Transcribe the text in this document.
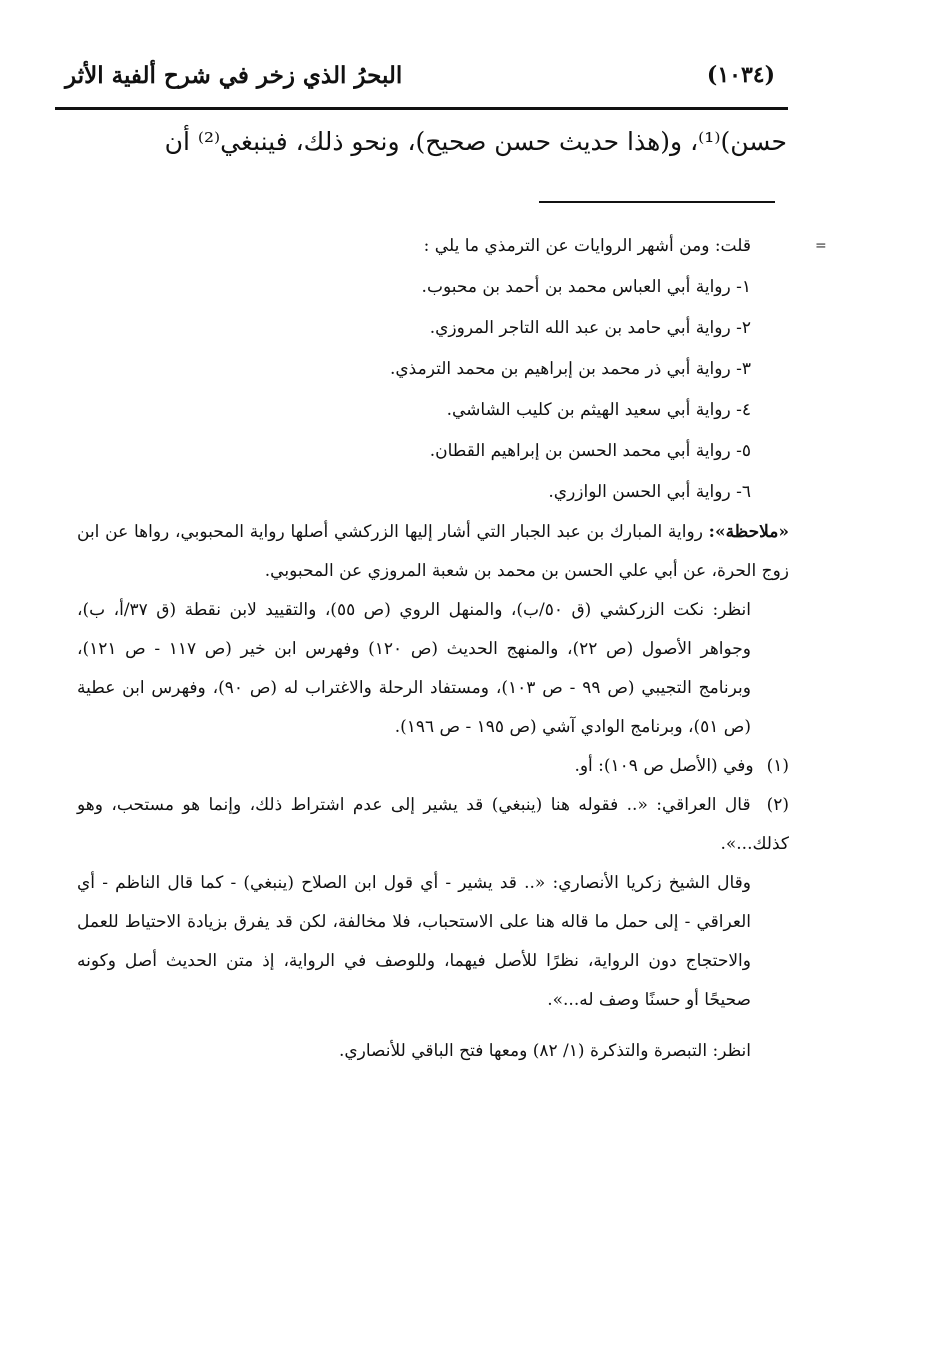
(١٠٣٤)
البحرُ الذي زخر في شرح ألفية الأثر
حسن)⁽¹⁾، و(هذا حديث حسن صحيح)، ونحو ذلك، فينبغي⁽²⁾ أن
=
قلت: ومن أشهر الروايات عن الترمذي ما يلي :
١- رواية أبي العباس محمد بن أحمد بن محبوب.
٢- رواية أبي حامد بن عبد الله التاجر المروزي.
٣- رواية أبي ذر محمد بن إبراهيم بن محمد الترمذي.
٤- رواية أبي سعيد الهيثم بن كليب الشاشي.
٥- رواية أبي محمد الحسن بن إبراهيم القطان.
٦- رواية أبي الحسن الوازري.
«ملاحظة»: رواية المبارك بن عبد الجبار التي أشار إليها الزركشي أصلها رواية المحبوبي، رواها عن ابن زوج الحرة، عن أبي علي الحسن بن محمد بن شعبة المروزي عن المحبوبي.
انظر: نكت الزركشي (ق ٥٠/ب)، والمنهل الروي (ص ٥٥)، والتقييد لابن نقطة (ق ٣٧/أ، ب)، وجواهر الأصول (ص ٢٢)، والمنهج الحديث (ص ١٢٠) وفهرس ابن خير (ص ١١٧ - ص ١٢١)، وبرنامج التجيبي (ص ٩٩ - ص ١٠٣)، ومستفاد الرحلة والاغتراب له (ص ٩٠)، وفهرس ابن عطية (ص ٥١)، وبرنامج الوادي آشي (ص ١٩٥ - ص ١٩٦).
(١) وفي (الأصل ص ١٠٩): أو.
(٢) قال العراقي: «.. فقوله هنا (ينبغي) قد يشير إلى عدم اشتراط ذلك، وإنما هو مستحب، وهو كذلك...».
وقال الشيخ زكريا الأنصاري: «.. قد يشير - أي قول ابن الصلاح (ينبغي) - كما قال الناظم - أي العراقي - إلى حمل ما قاله هنا على الاستحباب، فلا مخالفة، لكن قد يفرق بزيادة الاحتياط للعمل والاحتجاج دون الرواية، نظرًا للأصل فيهما، وللوصف في الرواية، إذ متن الحديث أصل وكونه صحيحًا أو حسنًا وصف له...».
انظر: التبصرة والتذكرة (١/ ٨٢) ومعها فتح الباقي للأنصاري.
